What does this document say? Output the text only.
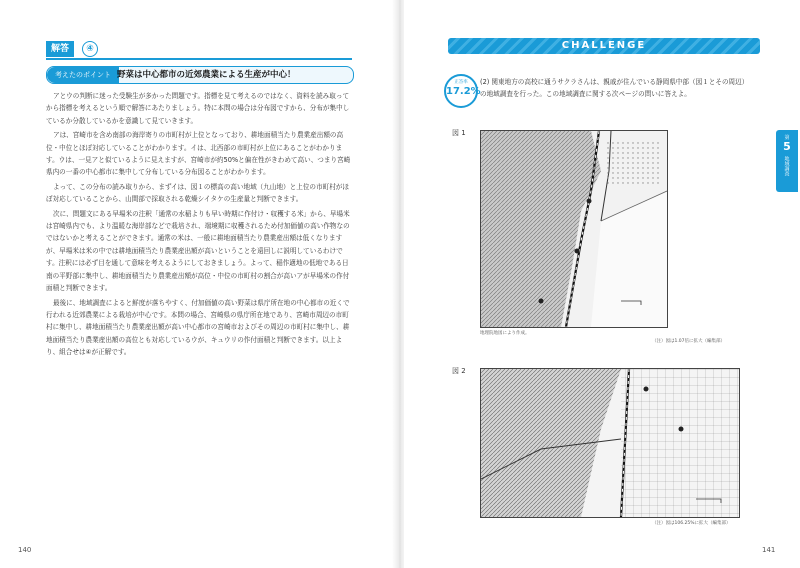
解答	④
考えたのポイント 野菜は中心都市の近郊農業による生産が中心！

アとウの判断に迷った受験生が多かった問題です。指標を見て考えるのではなく、資料を読み取ってから指標を考えるという順で解答にあたりましょう。特に本問の場合は分布図ですから、分布が集中しているか分散しているかを意識して見ていきます。

アは、宮崎市を含め南部の海岸寄りの市町村が上位となっており、耕地面積当たり農業産出額の高位・中位とほぼ対応していることがわかります。イは、北西部の市町村が上位にあることがわかります。ウは、一見アと似ているように見えますが、宮崎市が約50%と偏在性がきわめて高い、つまり宮崎県内の一番の中心都市に集中して分布している分布図ることがわかります。

よって、この分布の読み取りから、まずイは、図１の標高の高い地域（九山地）と上位の市町村がほぼ対応していることから、山間部で採取される乾燥シイタケの生産量と判断できます。

次に、問題文にある早場米の注釈「通常の水稲よりも早い時期に作付け・収穫する米」から、早場米は宮崎県内でも、より温暖な海岸部などで栽培され、端境期に収穫されるため付加価値の高い作物なのではないかと考えることができます。通常の米は、一般に耕地面積当たり農業産出額は低くなりますが、早場米は米の中では耕地面積当たり農業産出額が高いということを遠回しに説明しているわけです。注釈には必ず目を通して意味を考えるようにしておきましょう。よって、稲作適地の低地である日南の平野部に集中し、耕地面積当たり農業産出額が高位・中位の市町村の割合が高いアが早場米の作付面積と判断できます。

最後に、地域調査によると鮮度が落ちやすく、付加価値の高い野菜は県庁所在地の中心都市の近くで行われる近郊農業による栽培が中心です。本問の場合、宮崎県の県庁所在地であり、宮崎市周辺の市町村に集中し、耕地面積当たり農業産出額が高い中心都市の宮崎市およびその周辺の市町村に集中し、耕地面積当たり農業産出額の高位とも対応しているウが、キュウリの作付面積と判断できます。以上より、組合せは④が正解です。

140
CHALLENGE
正答率
17.2%
(2) 関東地方の高校に通うサクラさんは、親戚が住んでいる静岡県中部（図１とその周辺）の地域調査を行った。この地域調査に関する次ページの問いに答えよ。
図 1
地理院地図により作成。
（注）図は1.07倍に拡大（編集部）
図 2
（注）図は106.25%に拡大（編集部）
141
第
5
地域調査
